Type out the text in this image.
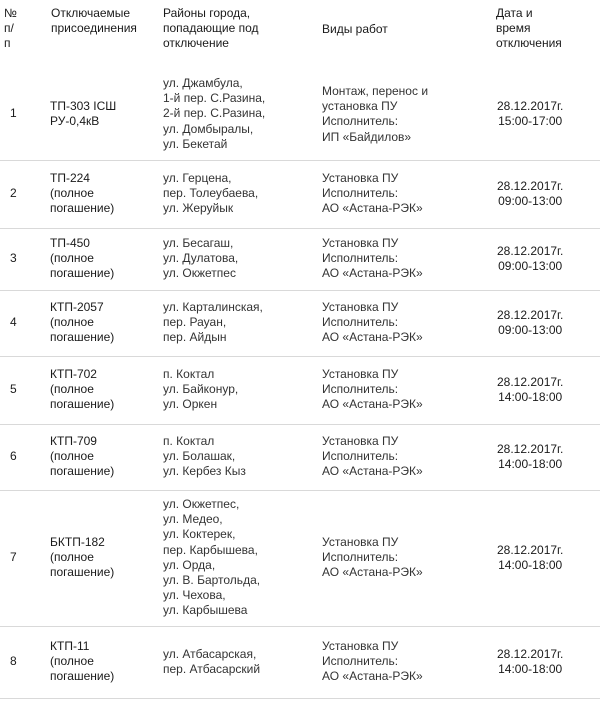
№
п/
п
Отключаемые
присоединения
Районы города,
попадающие под
отключение
Виды работ
Дата и
время
отключения
1	ТП-303 ІСШ
РУ-0,4кВ
ул. Джамбула,
1-й пер. С.Разина,
2-й пер. С.Разина,
ул. Домбыралы,
ул. Бекетай
Монтаж, перенос и
установка ПУ
Исполнитель:
ИП «Байдилов»
28.12.2017г.
15:00-17:00
2
ТП-224
(полное
погашение)
ул. Герцена,
пер. Толеубаева,
ул. Жеруйык
Установка ПУ
Исполнитель:
АО «Астана-РЭК»
28.12.2017г.
09:00-13:00
3
ТП-450
(полное
погашение)
ул. Бесагаш,
ул. Дулатова,
ул. Окжетпес
Установка ПУ
Исполнитель:
АО «Астана-РЭК»
28.12.2017г.
09:00-13:00
4
КТП-2057
(полное
погашение)
ул. Карталинская,
пер. Рауан,
пер. Айдын
Установка ПУ
Исполнитель:
АО «Астана-РЭК»
28.12.2017г.
09:00-13:00
5
КТП-702
(полное
погашение)
п. Коктал
ул. Байконур,
ул. Оркен
Установка ПУ
Исполнитель:
АО «Астана-РЭК»
28.12.2017г.
14:00-18:00
6
КТП-709
(полное
погашение)
п. Коктал
ул. Болашак,
ул. Кербез Кыз
Установка ПУ
Исполнитель:
АО «Астана-РЭК»
28.12.2017г.
14:00-18:00
7
БКТП-182
(полное
погашение)
ул. Окжетпес,
ул. Медео,
ул. Коктерек,
пер. Карбышева,
ул. Орда,
ул. В. Бартольда,
ул. Чехова,
ул. Карбышева
Установка ПУ
Исполнитель:
АО «Астана-РЭК»
28.12.2017г.
14:00-18:00
8
КТП-11
(полное
погашение)
ул. Атбасарская,
пер. Атбасарский
Установка ПУ
Исполнитель:
АО «Астана-РЭК»
28.12.2017г.
14:00-18:00
